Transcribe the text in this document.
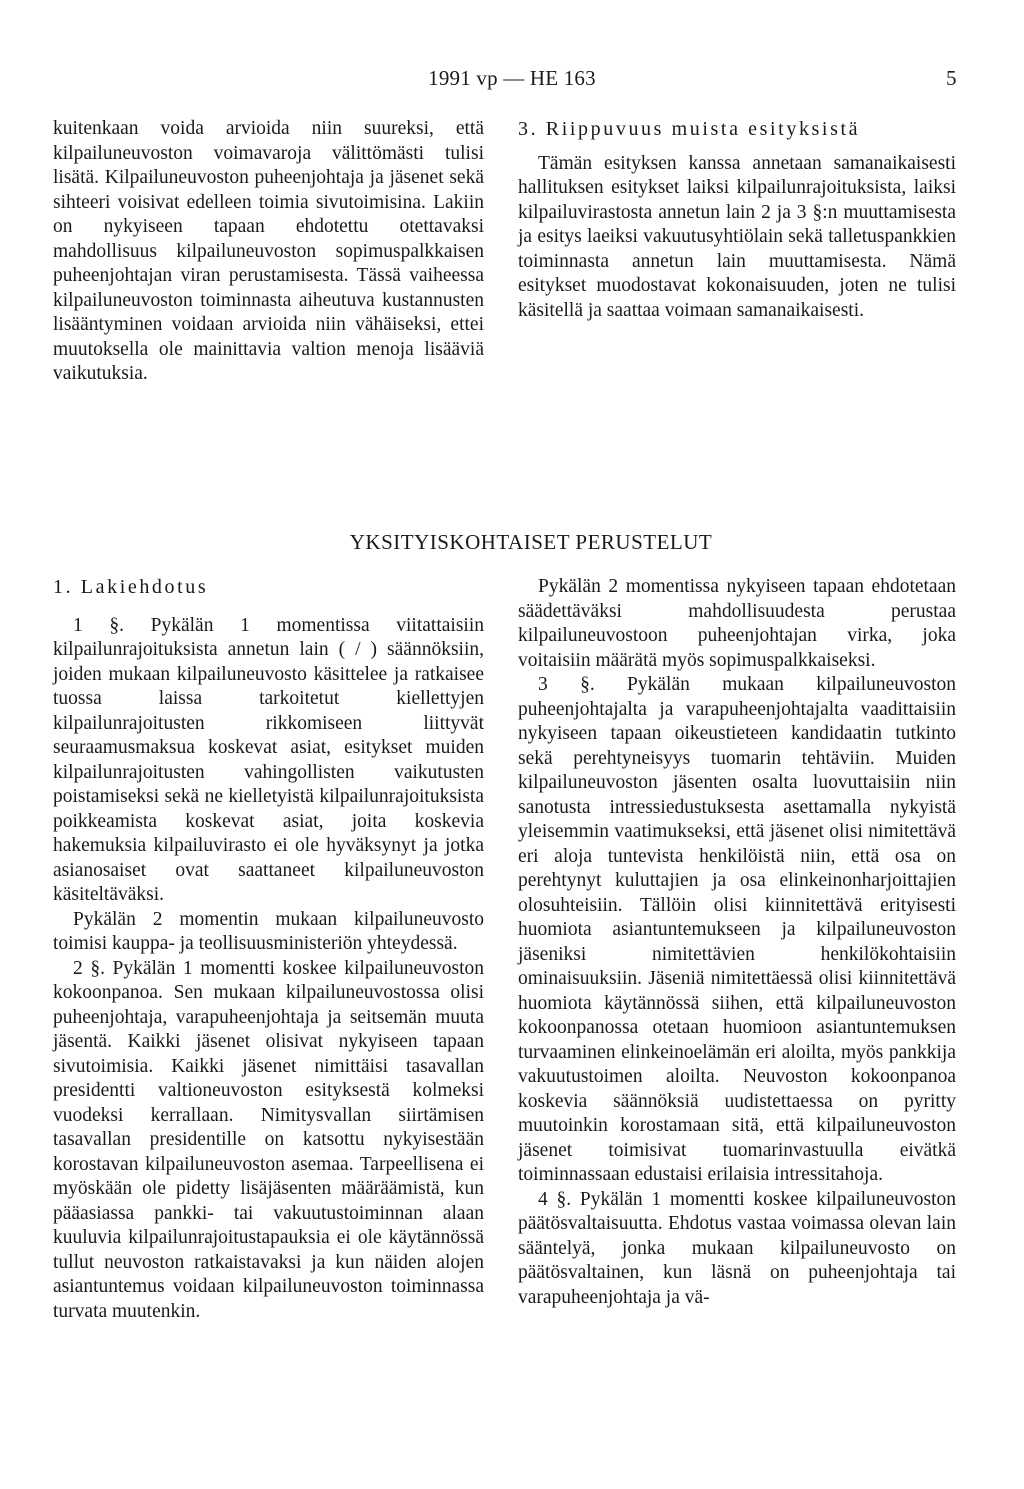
1991 vp — HE 163	5

kuitenkaan voida arvioida niin suureksi, että kilpailuneuvoston voimavaroja välittömästi tulisi lisätä. Kilpailuneuvoston puheenjohtaja ja jäsenet sekä sihteeri voisivat edelleen toimia sivutoimisina. Lakiin on nykyiseen tapaan ehdotettu otettavaksi mahdollisuus kilpailuneuvoston sopimuspalkkaisen puheenjohtajan viran perustamisesta. Tässä vaiheessa kilpailuneuvoston toiminnasta aiheutuva kustannusten lisääntyminen voidaan arvioida niin vähäiseksi, ettei muutoksella ole mainittavia valtion menoja lisääviä vaikutuksia.

3. Riippuvuus muista esityksistä

Tämän esityksen kanssa annetaan samanaikaisesti hallituksen esitykset laiksi kilpailunrajoituksista, laiksi kilpailuvirastosta annetun lain 2 ja 3 §:n muuttamisesta ja esitys laeiksi vakuutusyhtiölain sekä talletuspankkien toiminnasta annetun lain muuttamisesta. Nämä esitykset muodostavat kokonaisuuden, joten ne tulisi käsitellä ja saattaa voimaan samanaikaisesti.

YKSITYISKOHTAISET PERUSTELUT
1. Lakiehdotus

1 §. Pykälän 1 momentissa viitattaisiin kilpailunrajoituksista annetun lain ( / ) säännöksiin, joiden mukaan kilpailuneuvosto käsittelee ja ratkaisee tuossa laissa tarkoitetut kiellettyjen kilpailunrajoitusten rikkomiseen liittyvät seuraamusmaksua koskevat asiat, esitykset muiden kilpailunrajoitusten vahingollisten vaikutusten poistamiseksi sekä ne kielletyistä kilpailunrajoituksista poikkeamista koskevat asiat, joita koskevia hakemuksia kilpailuvirasto ei ole hyväksynyt ja jotka asianosaiset ovat saattaneet kilpailuneuvoston käsiteltäväksi.

Pykälän 2 momentin mukaan kilpailuneuvosto toimisi kauppa- ja teollisuusministeriön yhteydessä.

2 §. Pykälän 1 momentti koskee kilpailuneuvoston kokoonpanoa. Sen mukaan kilpailuneuvostossa olisi puheenjohtaja, varapuheenjohtaja ja seitsemän muuta jäsentä. Kaikki jäsenet olisivat nykyiseen tapaan sivutoimisia. Kaikki jäsenet nimittäisi tasavallan presidentti valtioneuvoston esityksestä kolmeksi vuodeksi kerrallaan. Nimitysvallan siirtämisen tasavallan presidentille on katsottu nykyisestään korostavan kilpailuneuvoston asemaa. Tarpeellisena ei myöskään ole pidetty lisäjäsenten määräämistä, kun pääasiassa pankki- tai vakuutustoiminnan alaan kuuluvia kilpailunrajoitustapauksia ei ole käytännössä tullut neuvoston ratkaistavaksi ja kun näiden alojen asiantuntemus voidaan kilpailuneuvoston toiminnassa turvata muutenkin.

Pykälän 2 momentissa nykyiseen tapaan ehdotetaan säädettäväksi mahdollisuudesta perustaa kilpailuneuvostoon puheenjohtajan virka, joka voitaisiin määrätä myös sopimuspalkkaiseksi.

3 §. Pykälän mukaan kilpailuneuvoston puheenjohtajalta ja varapuheenjohtajalta vaadittaisiin nykyiseen tapaan oikeustieteen kandidaatin tutkinto sekä perehtyneisyys tuomarin tehtäviin. Muiden kilpailuneuvoston jäsenten osalta luovuttaisiin niin sanotusta intressiedustuksesta asettamalla nykyistä yleisemmin vaatimukseksi, että jäsenet olisi nimitettävä eri aloja tuntevista henkilöistä niin, että osa on perehtynyt kuluttajien ja osa elinkeinonharjoittajien olosuhteisiin. Tällöin olisi kiinnitettävä erityisesti huomiota asiantuntemukseen ja kilpailuneuvoston jäseniksi nimitettävien henkilökohtaisiin ominaisuuksiin. Jäseniä nimitettäessä olisi kiinnitettävä huomiota käytännössä siihen, että kilpailuneuvoston kokoonpanossa otetaan huomioon asiantuntemuksen turvaaminen elinkeinoelämän eri aloilta, myös pankkija vakuutustoimen aloilta. Neuvoston kokoonpanoa koskevia säännöksiä uudistettaessa on pyritty muutoinkin korostamaan sitä, että kilpailuneuvoston jäsenet toimisivat tuomarinvastuulla eivätkä toiminnassaan edustaisi erilaisia intressitahoja.

4 §. Pykälän 1 momentti koskee kilpailuneuvoston päätösvaltaisuutta. Ehdotus vastaa voimassa olevan lain sääntelyä, jonka mukaan kilpailuneuvosto on päätösvaltainen, kun läsnä on puheenjohtaja tai varapuheenjohtaja ja vä-
